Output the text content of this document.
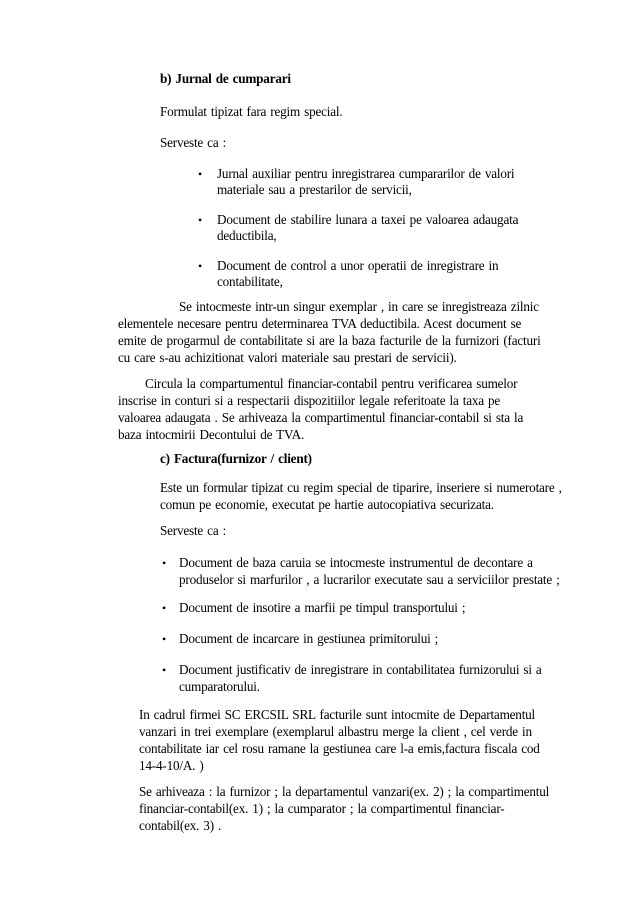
b) Jurnal de cumparari
Formulat tipizat fara regim special.
Serveste ca :
• Jurnal auxiliar pentru inregistrarea cumpararilor de valori
materiale sau a prestarilor de servicii,
• Document de stabilire lunara a taxei pe valoarea adaugata
deductibila,
• Document de control a unor operatii de inregistrare in
contabilitate,
Se intocmeste intr-un singur exemplar , in care se inregistreaza zilnic
elementele necesare pentru determinarea TVA deductibila. Acest document se
emite de progarmul de contabilitate si are la baza facturile de la furnizori (facturi
cu care s-au achizitionat valori materiale sau prestari de servicii).
Circula la compartumentul financiar-contabil pentru verificarea sumelor
inscrise in conturi si a respectarii dispozitiilor legale referitoate la taxa pe
valoarea adaugata . Se arhiveaza la compartimentul financiar-contabil si sta la
baza intocmirii Decontului de TVA.
c) Factura(furnizor / client)
Este un formular tipizat cu regim special de tiparire, inseriere si numerotare ,
comun pe economie, executat pe hartie autocopiativa securizata.
Serveste ca :
• Document de baza caruia se intocmeste instrumentul de decontare a
produselor si marfurilor , a lucrarilor executate sau a serviciilor prestate ;
• Document de insotire a marfii pe timpul transportului ;
• Document de incarcare in gestiunea primitorului ;
• Document justificativ de inregistrare in contabilitatea furnizorului si a
cumparatorului.
In cadrul firmei SC ERCSIL SRL facturile sunt intocmite de Departamentul
vanzari in trei exemplare (exemplarul albastru merge la client , cel verde in
contabilitate iar cel rosu ramane la gestiunea care l-a emis,factura fiscala cod
14-4-10/A. )
Se arhiveaza : la furnizor ; la departamentul vanzari(ex. 2) ; la compartimentul
financiar-contabil(ex. 1) ; la cumparator ; la compartimentul financiar-
contabil(ex. 3) .
